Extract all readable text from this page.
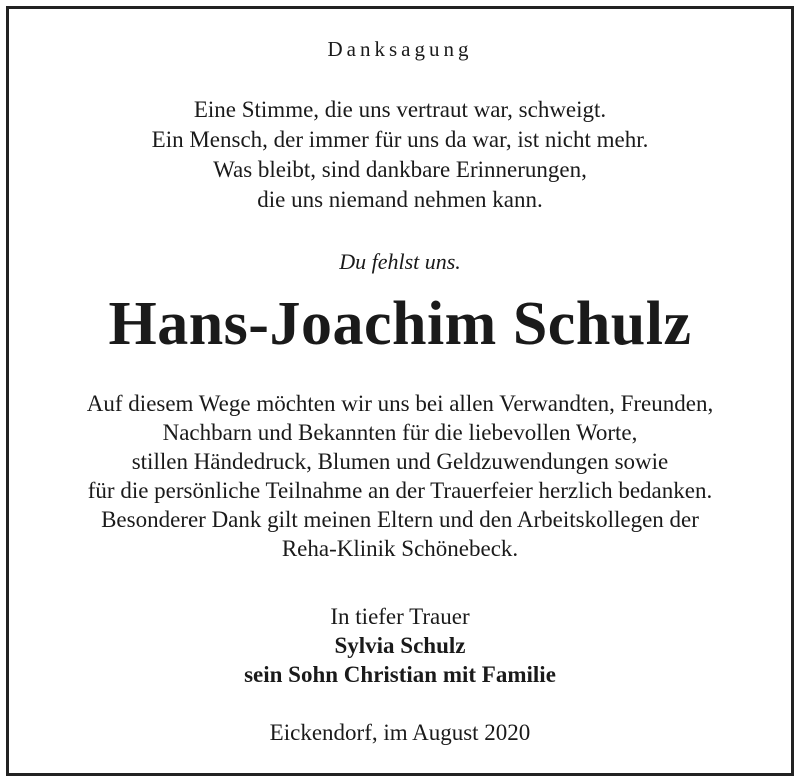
Danksagung
Eine Stimme, die uns vertraut war, schweigt.
Ein Mensch, der immer für uns da war, ist nicht mehr.
Was bleibt, sind dankbare Erinnerungen,
die uns niemand nehmen kann.
Du fehlst uns.
Hans-Joachim Schulz
Auf diesem Wege möchten wir uns bei allen Verwandten, Freunden,
Nachbarn und Bekannten für die liebevollen Worte,
stillen Händedruck, Blumen und Geldzuwendungen sowie
für die persönliche Teilnahme an der Trauerfeier herzlich bedanken.
Besonderer Dank gilt meinen Eltern und den Arbeitskollegen der
Reha-Klinik Schönebeck.
In tiefer Trauer
Sylvia Schulz
sein Sohn Christian mit Familie
Eickendorf, im August 2020
